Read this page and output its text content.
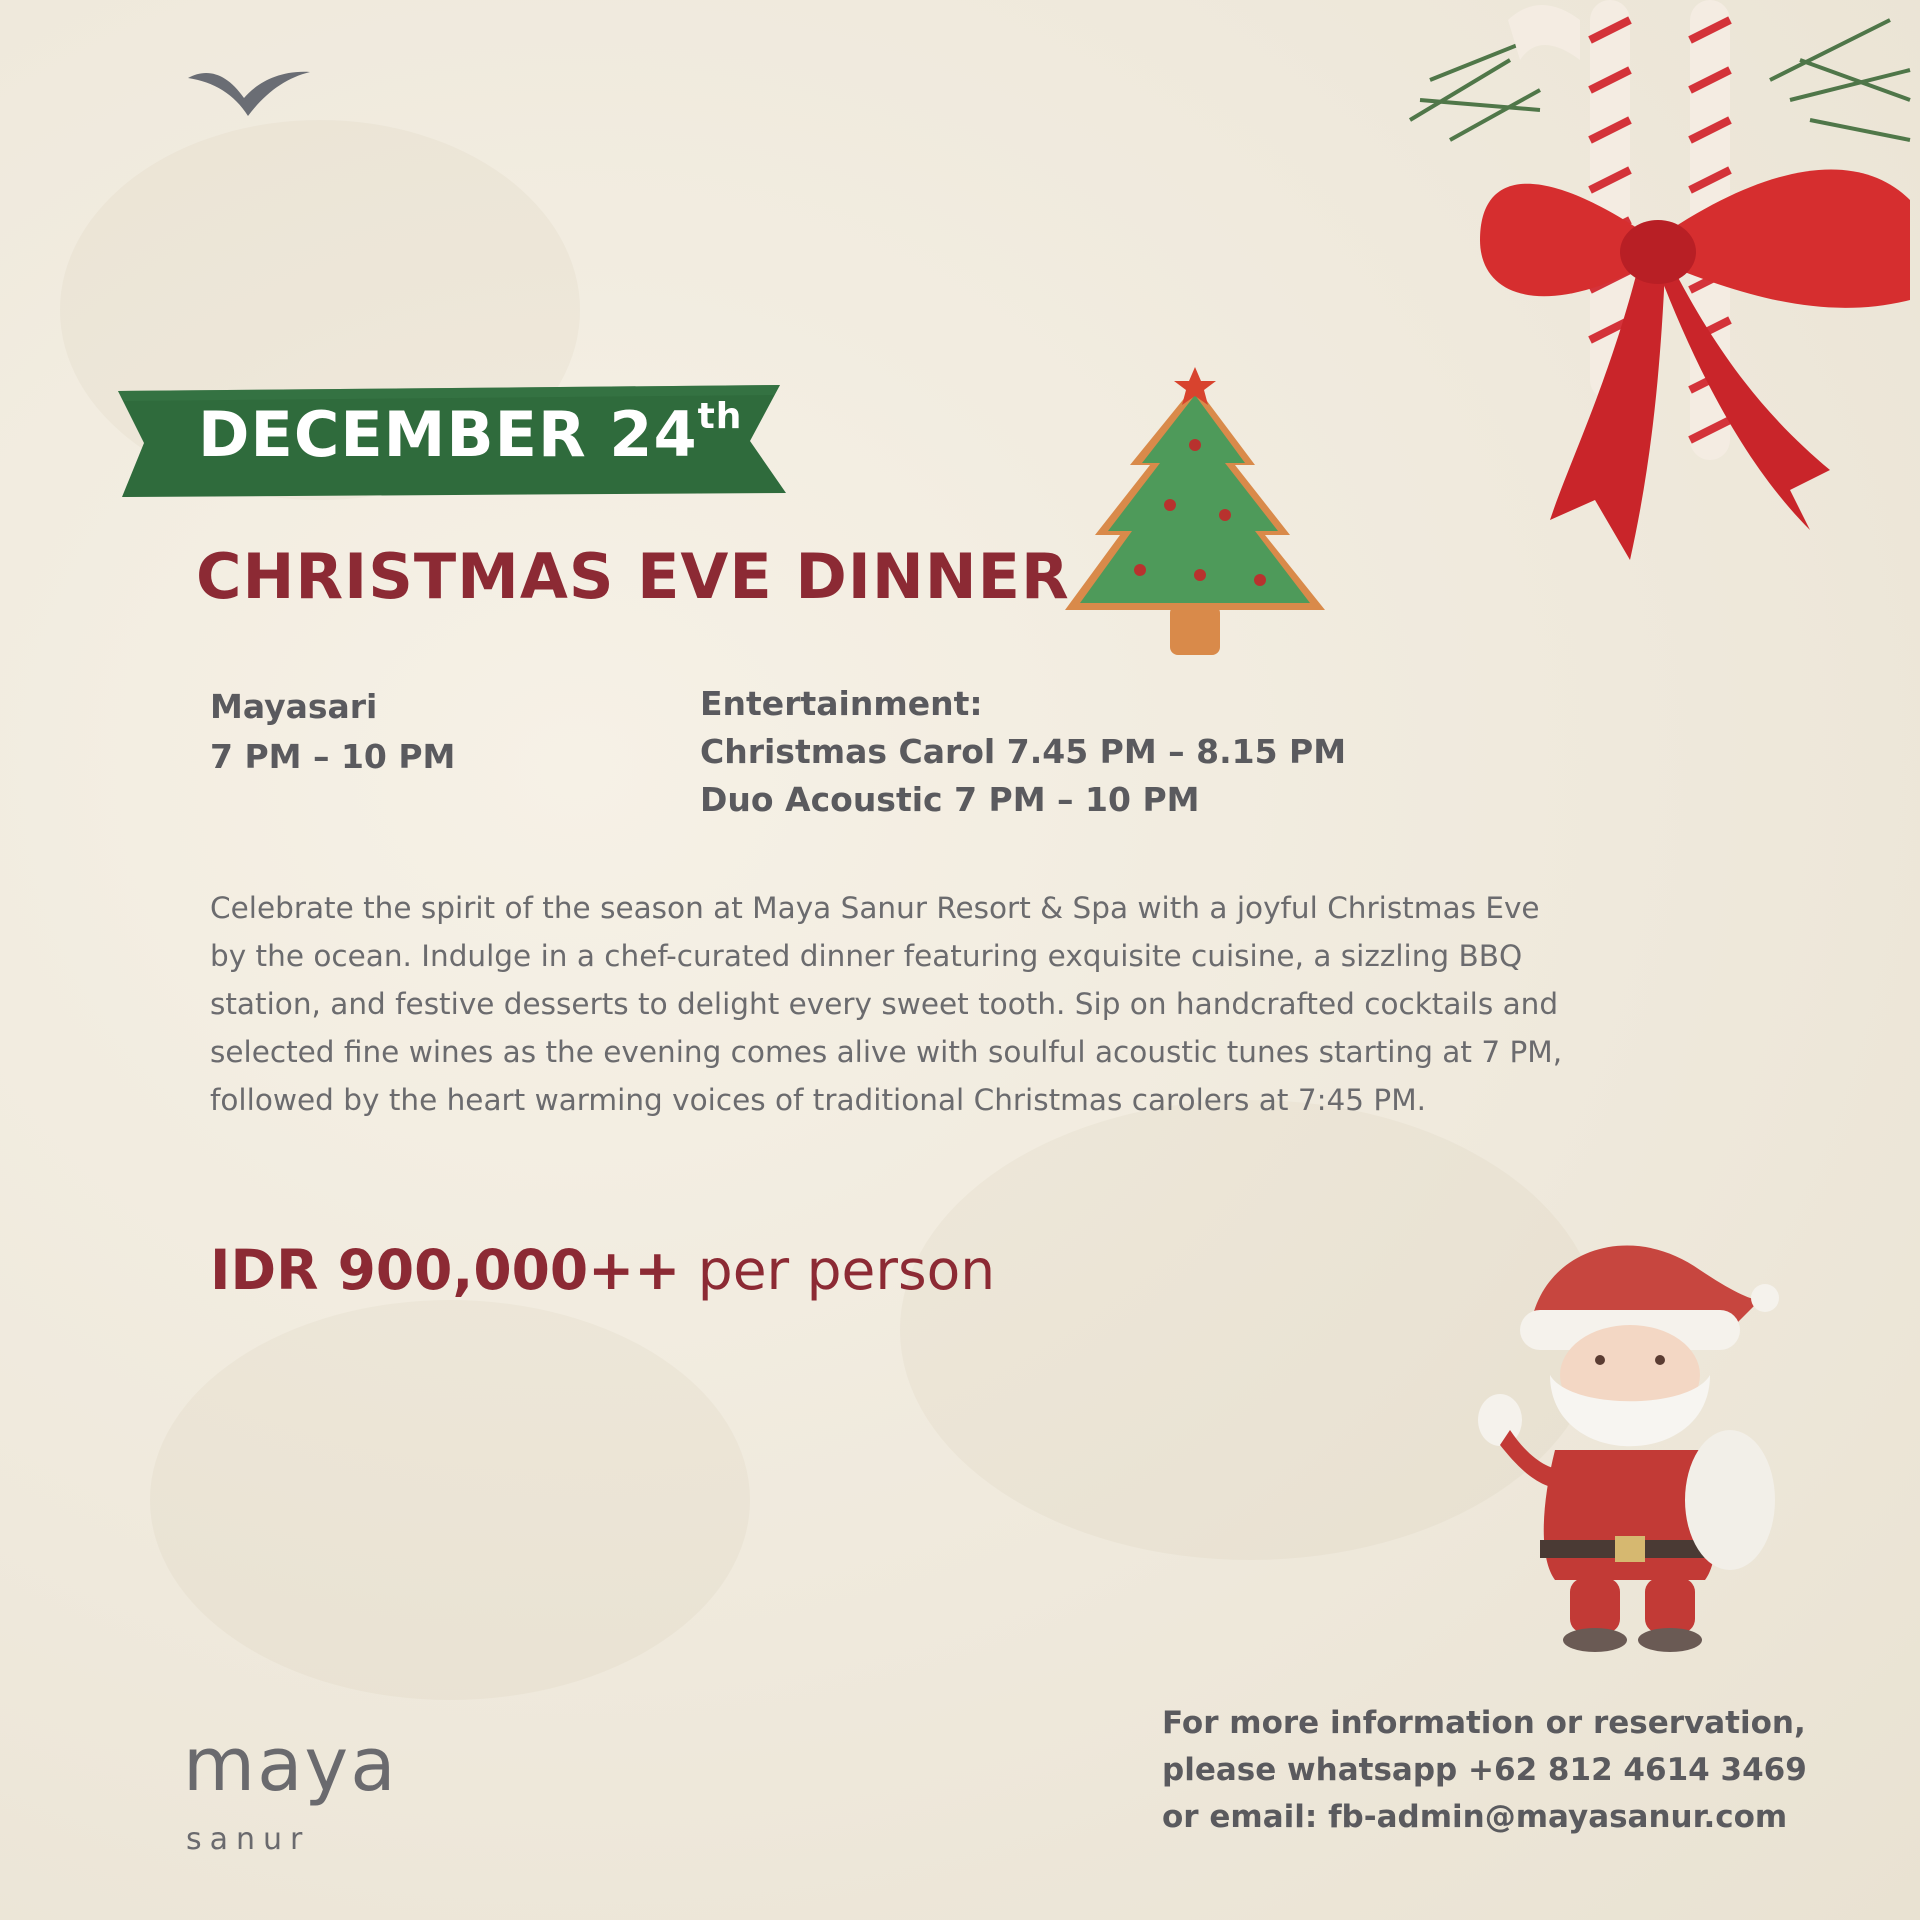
DECEMBER 24th
CHRISTMAS EVE DINNER
Mayasari
7 PM – 10 PM
Entertainment:
Christmas Carol 7.45 PM – 8.15 PM
Duo Acoustic 7 PM – 10 PM
Celebrate the spirit of the season at Maya Sanur Resort & Spa with a joyful Christmas Eve
by the ocean. Indulge in a chef-curated dinner featuring exquisite cuisine, a sizzling BBQ
station, and festive desserts to delight every sweet tooth. Sip on handcrafted cocktails and
selected fine wines as the evening comes alive with soulful acoustic tunes starting at 7 PM,
followed by the heart warming voices of traditional Christmas carolers at 7:45 PM.
IDR 900,000++ per person
For more information or reservation,
please whatsapp +62 812 4614 3469
or email: fb-admin@mayasanur.com
maya
sanur
